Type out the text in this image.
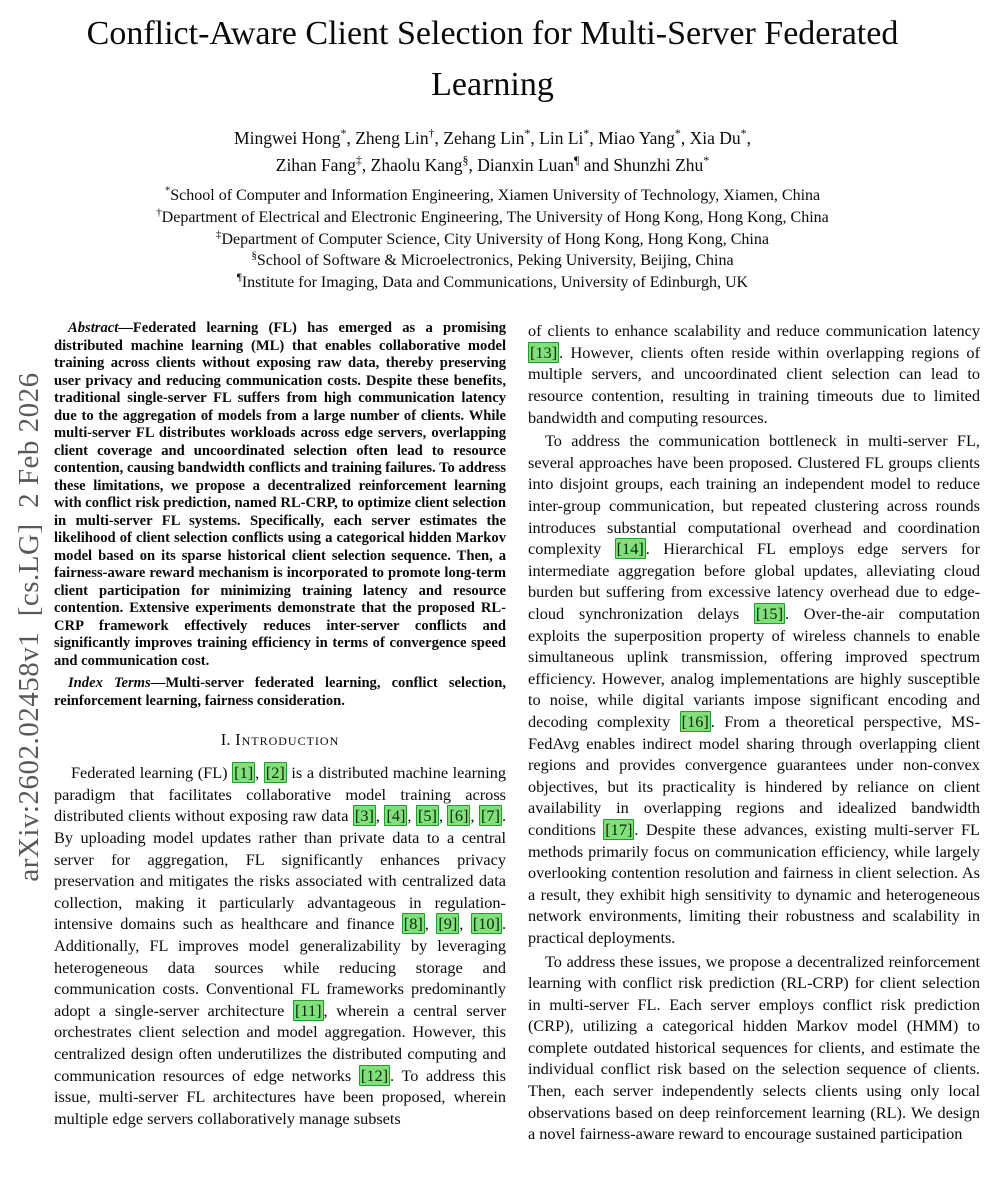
arXiv:2602.02458v1  [cs.LG]  2 Feb 2026
Conflict-Aware Client Selection for Multi-Server Federated Learning
Mingwei Hong*, Zheng Lin†, Zehang Lin*, Lin Li*, Miao Yang*, Xia Du*,
Zihan Fang‡, Zhaolu Kang§, Dianxin Luan¶ and Shunzhi Zhu*
*School of Computer and Information Engineering, Xiamen University of Technology, Xiamen, China
†Department of Electrical and Electronic Engineering, The University of Hong Kong, Hong Kong, China
‡Department of Computer Science, City University of Hong Kong, Hong Kong, China
§School of Software & Microelectronics, Peking University, Beijing, China
¶Institute for Imaging, Data and Communications, University of Edinburgh, UK

Abstract—Federated learning (FL) has emerged as a promising distributed machine learning (ML) that enables collaborative model training across clients without exposing raw data, thereby preserving user privacy and reducing communication costs. Despite these benefits, traditional single-server FL suffers from high communication latency due to the aggregation of models from a large number of clients. While multi-server FL distributes workloads across edge servers, overlapping client coverage and uncoordinated selection often lead to resource contention, causing bandwidth conflicts and training failures. To address these limitations, we propose a decentralized reinforcement learning with conflict risk prediction, named RL-CRP, to optimize client selection in multi-server FL systems. Specifically, each server estimates the likelihood of client selection conflicts using a categorical hidden Markov model based on its sparse historical client selection sequence. Then, a fairness-aware reward mechanism is incorporated to promote long-term client participation for minimizing training latency and resource contention. Extensive experiments demonstrate that the proposed RL-CRP framework effectively reduces inter-server conflicts and significantly improves training efficiency in terms of convergence speed and communication cost.

Index Terms—Multi-server federated learning, conflict selection, reinforcement learning, fairness consideration.

I. Introduction

Federated learning (FL) [1] , [2] is a distributed machine learning paradigm that facilitates collaborative model training across distributed clients without exposing raw data [3] , [4] , [5] , [6] , [7] . By uploading model updates rather than private data to a central server for aggregation, FL significantly enhances privacy preservation and mitigates the risks associated with centralized data collection, making it particularly advantageous in regulation-intensive domains such as healthcare and finance [8] , [9] , [10] . Additionally, FL improves model generalizability by leveraging heterogeneous data sources while reducing storage and communication costs. Conventional FL frameworks predominantly adopt a single-server architecture [11] , wherein a central server orchestrates client selection and model aggregation. However, this centralized design often underutilizes the distributed computing and communication resources of edge networks [12] . To address this issue, multi-server FL architectures have been proposed, wherein multiple edge servers collaboratively manage subsets

of clients to enhance scalability and reduce communication latency [13] . However, clients often reside within overlapping regions of multiple servers, and uncoordinated client selection can lead to resource contention, resulting in training timeouts due to limited bandwidth and computing resources.

To address the communication bottleneck in multi-server FL, several approaches have been proposed. Clustered FL groups clients into disjoint groups, each training an independent model to reduce inter-group communication, but repeated clustering across rounds introduces substantial computational overhead and coordination complexity [14] . Hierarchical FL employs edge servers for intermediate aggregation before global updates, alleviating cloud burden but suffering from excessive latency overhead due to edge-cloud synchronization delays [15] . Over-the-air computation exploits the superposition property of wireless channels to enable simultaneous uplink transmission, offering improved spectrum efficiency. However, analog implementations are highly susceptible to noise, while digital variants impose significant encoding and decoding complexity [16] . From a theoretical perspective, MS-FedAvg enables indirect model sharing through overlapping client regions and provides convergence guarantees under non-convex objectives, but its practicality is hindered by reliance on client availability in overlapping regions and idealized bandwidth conditions [17] . Despite these advances, existing multi-server FL methods primarily focus on communication efficiency, while largely overlooking contention resolution and fairness in client selection. As a result, they exhibit high sensitivity to dynamic and heterogeneous network environments, limiting their robustness and scalability in practical deployments.

To address these issues, we propose a decentralized reinforcement learning with conflict risk prediction (RL-CRP) for client selection in multi-server FL. Each server employs conflict risk prediction (CRP), utilizing a categorical hidden Markov model (HMM) to complete outdated historical sequences for clients, and estimate the individual conflict risk based on the selection sequence of clients. Then, each server independently selects clients using only local observations based on deep reinforcement learning (RL). We design a novel fairness-aware reward to encourage sustained participation
